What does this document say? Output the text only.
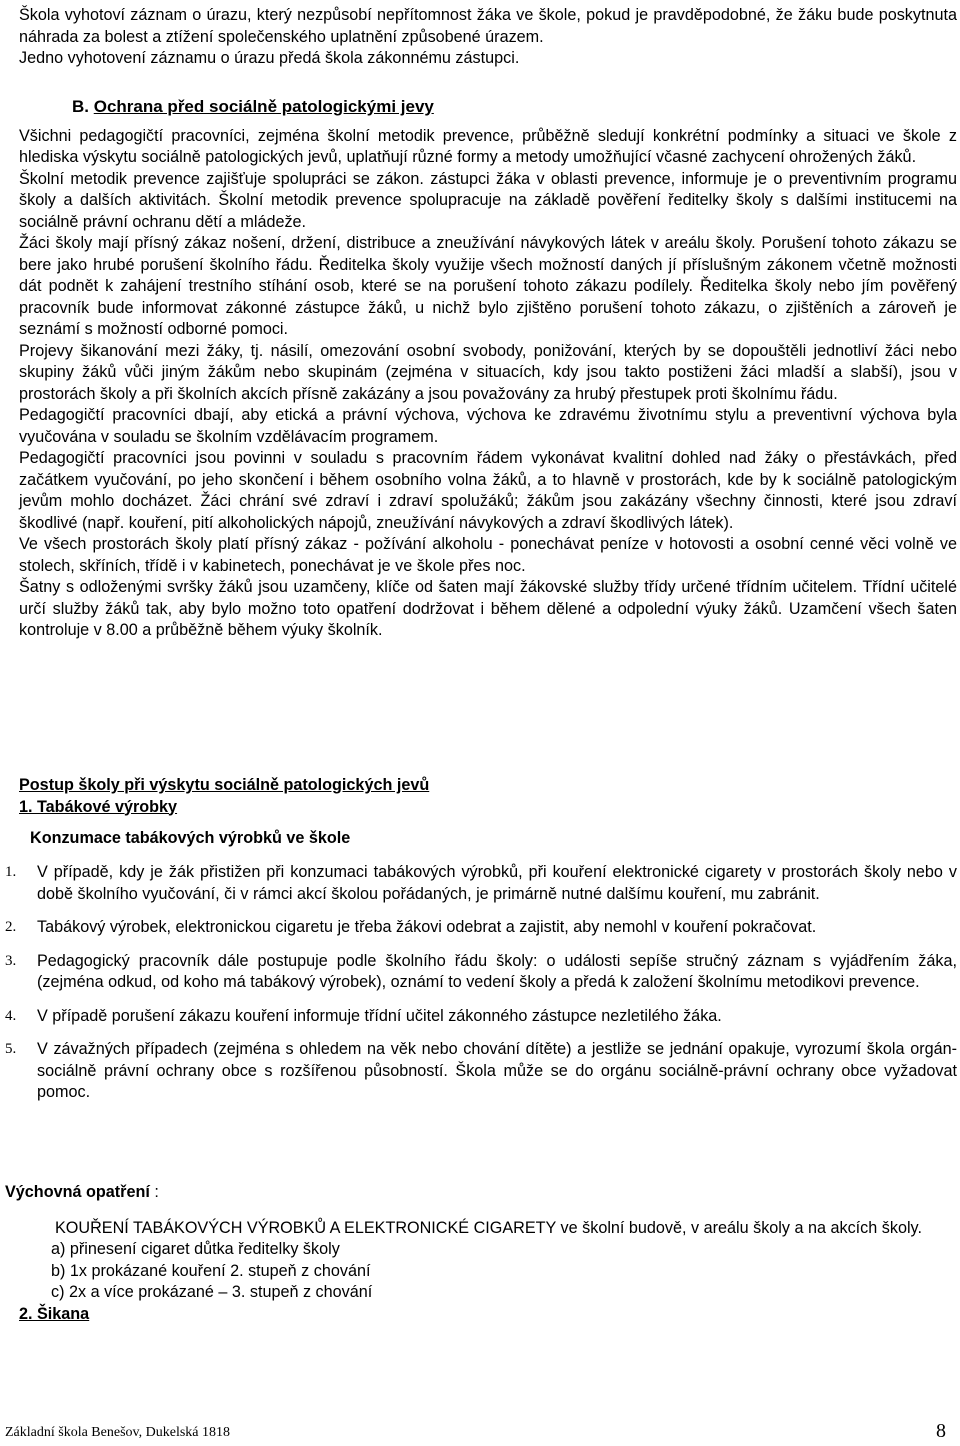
Škola vyhotoví záznam o úrazu, který nezpůsobí nepřítomnost žáka ve škole, pokud je pravděpodobné, že žáku bude poskytnuta náhrada za bolest a ztížení společenského uplatnění způsobené úrazem.

Jedno vyhotovení záznamu o úrazu předá škola zákonnému zástupci.

B. Ochrana před sociálně patologickými jevy

Všichni pedagogičtí pracovníci, zejména školní metodik prevence, průběžně sledují konkrétní podmínky a situaci ve škole z hlediska výskytu sociálně patologických jevů, uplatňují různé formy a metody umožňující včasné zachycení ohrožených žáků.

Školní metodik prevence zajišťuje spolupráci se zákon. zástupci žáka v oblasti prevence, informuje je o preventivním programu školy a dalších aktivitách. Školní metodik prevence spolupracuje na základě pověření ředitelky školy s dalšími institucemi na sociálně právní ochranu dětí a mládeže.

Žáci školy mají přísný zákaz nošení, držení, distribuce a zneužívání návykových látek v areálu školy. Porušení tohoto zákazu se bere jako hrubé porušení školního řádu. Ředitelka školy využije všech možností daných jí příslušným zákonem včetně možnosti dát podnět k zahájení trestního stíhání osob, které se na porušení tohoto zákazu podílely. Ředitelka školy nebo jím pověřený pracovník bude informovat zákonné zástupce žáků, u nichž bylo zjištěno porušení tohoto zákazu, o zjištěních a zároveň je seznámí s možností odborné pomoci.

Projevy šikanování mezi žáky, tj. násilí, omezování osobní svobody, ponižování, kterých by se dopouštěli jednotliví žáci nebo skupiny žáků vůči jiným žákům nebo skupinám (zejména v situacích, kdy jsou takto postiženi žáci mladší a slabší), jsou v prostorách školy a při školních akcích přísně zakázány a jsou považovány za hrubý přestupek proti školnímu řádu.

Pedagogičtí pracovníci dbají, aby etická a právní výchova, výchova ke zdravému životnímu stylu a preventivní výchova byla vyučována v souladu se školním vzdělávacím programem.

Pedagogičtí pracovníci jsou povinni v souladu s pracovním řádem vykonávat kvalitní dohled nad žáky o přestávkách, před začátkem vyučování, po jeho skončení i během osobního volna žáků, a to hlavně v prostorách, kde by k sociálně patologickým jevům mohlo docházet. Žáci chrání své zdraví i zdraví spolužáků; žákům jsou zakázány všechny činnosti, které jsou zdraví škodlivé (např. kouření, pití alkoholických nápojů, zneužívání návykových a zdraví škodlivých látek).

Ve všech prostorách školy platí přísný zákaz - požívání alkoholu - ponechávat peníze v hotovosti a osobní cenné věci volně ve stolech, skříních, třídě i v kabinetech, ponechávat je ve škole přes noc.

Šatny s odloženými svršky žáků jsou uzamčeny, klíče od šaten mají žákovské služby třídy určené třídním učitelem. Třídní učitelé určí služby žáků tak, aby bylo možno toto opatření dodržovat i během dělené a odpolední výuky žáků. Uzamčení všech šaten kontroluje v 8.00 a průběžně během výuky školník.

Postup školy při výskytu sociálně patologických jevů
1. Tabákové výrobky
Konzumace tabákových výrobků ve škole
1. V případě, kdy je žák přistižen při konzumaci tabákových výrobků, při kouření elektronické cigarety v prostorách školy nebo v době školního vyučování, či v rámci akcí školou pořádaných, je primárně nutné dalšímu kouření, mu zabránit.
2. Tabákový výrobek, elektronickou cigaretu je třeba žákovi odebrat a zajistit, aby nemohl v kouření pokračovat.
3. Pedagogický pracovník dále postupuje podle školního řádu školy: o události sepíše stručný záznam s vyjádřením žáka, (zejména odkud, od koho má tabákový výrobek), oznámí to vedení školy a předá k založení školnímu metodikovi prevence.
4. V případě porušení zákazu kouření informuje třídní učitel zákonného zástupce nezletilého žáka.
5. V závažných případech (zejména s ohledem na věk nebo chování dítěte) a jestliže se jednání opakuje, vyrozumí škola orgán-sociálně právní ochrany obce s rozšířenou působností. Škola může se do orgánu sociálně-právní ochrany obce vyžadovat pomoc.
Výchovná opatření :

KOUŘENÍ TABÁKOVÝCH VÝROBKŮ A ELEKTRONICKÉ CIGARETY ve školní budově, v areálu školy a na akcích školy.

a) přinesení cigaret důtka ředitelky školy
b) 1x prokázané kouření 2. stupeň z chování
c) 2x a více prokázané – 3. stupeň z chování
2. Šikana
Základní škola Benešov, Dukelská 1818	8
